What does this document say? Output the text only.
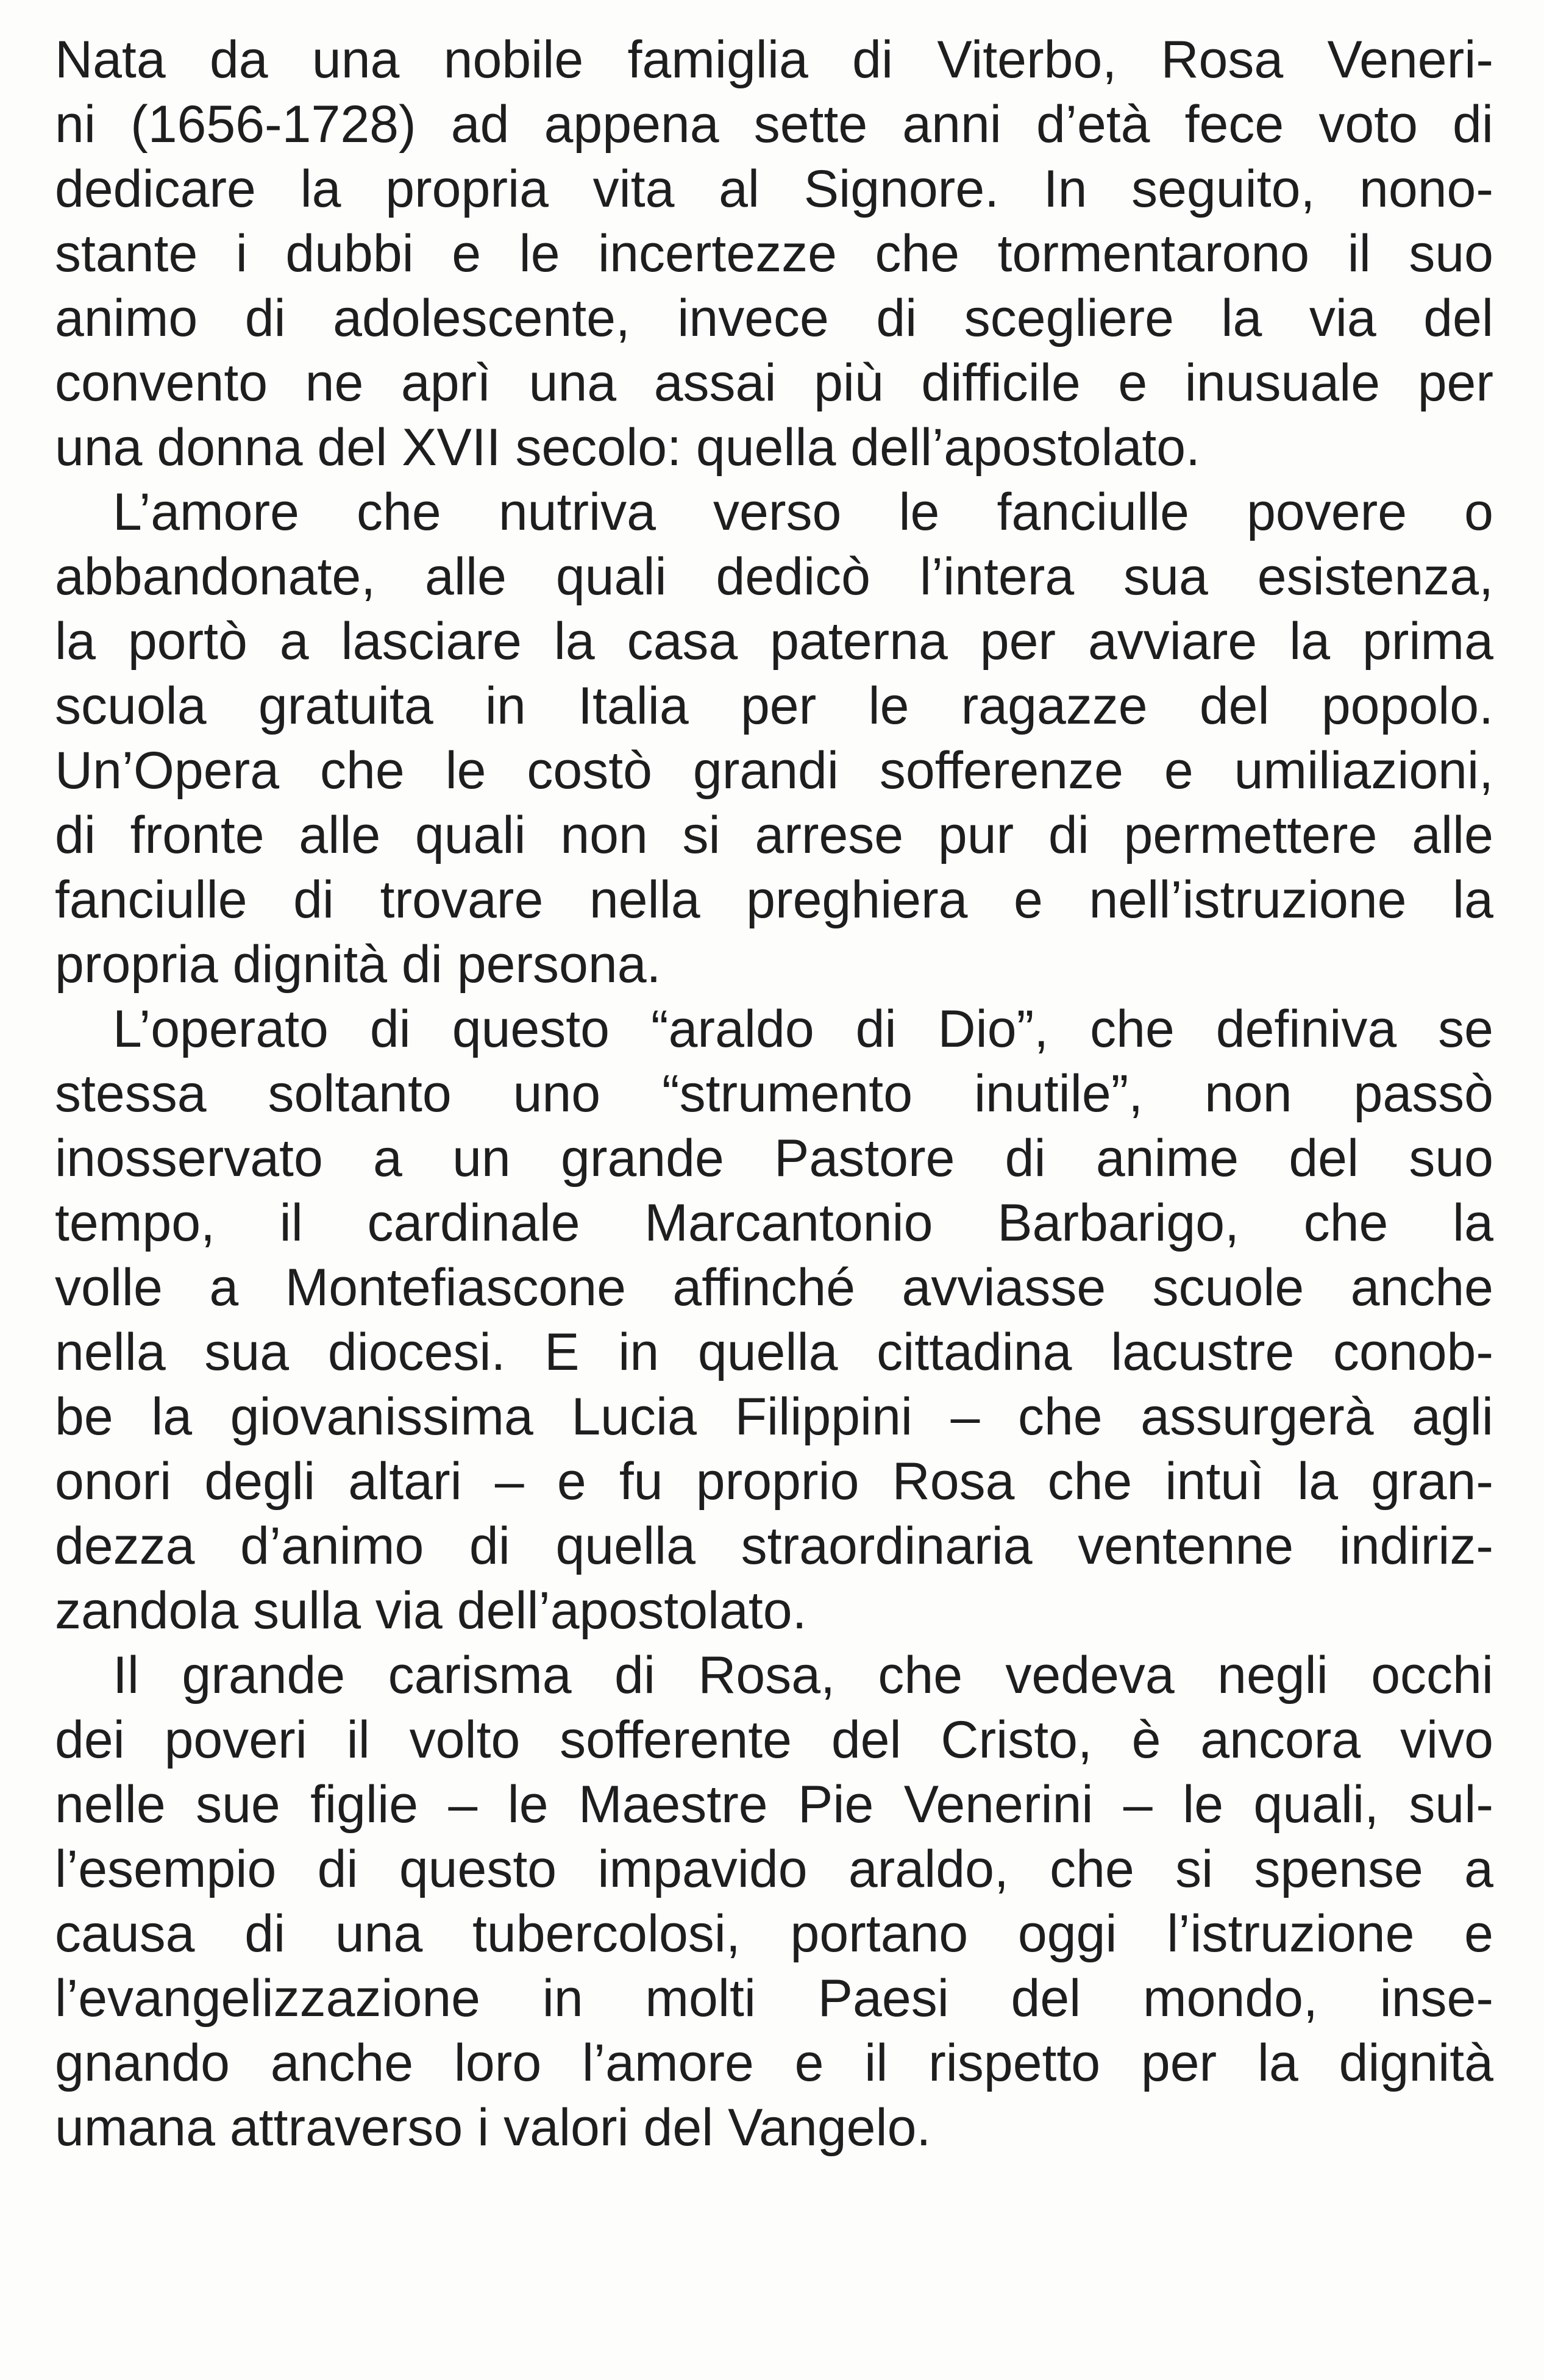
Nata da una nobile famiglia di Viterbo, Rosa Veneri-
ni (1656-1728) ad appena sette anni d’età fece voto di
dedicare la propria vita al Signore. In seguito, nono-
stante i dubbi e le incertezze che tormentarono il suo
animo di adolescente, invece di scegliere la via del
convento ne aprì una assai più difficile e inusuale per
una donna del XVII secolo: quella dell’apostolato.
L’amore che nutriva verso le fanciulle povere o
abbandonate, alle quali dedicò l’intera sua esistenza,
la portò a lasciare la casa paterna per avviare la prima
scuola gratuita in Italia per le ragazze del popolo.
Un’Opera che le costò grandi sofferenze e umiliazioni,
di fronte alle quali non si arrese pur di permettere alle
fanciulle di trovare nella preghiera e nell’istruzione la
propria dignità di persona.
L’operato di questo “araldo di Dio”, che definiva se
stessa soltanto uno “strumento inutile”, non passò
inosservato a un grande Pastore di anime del suo
tempo, il cardinale Marcantonio Barbarigo, che la
volle a Montefiascone affinché avviasse scuole anche
nella sua diocesi. E in quella cittadina lacustre conob-
be la giovanissima Lucia Filippini – che assurgerà agli
onori degli altari – e fu proprio Rosa che intuì la gran-
dezza d’animo di quella straordinaria ventenne indiriz-
zandola sulla via dell’apostolato.
Il grande carisma di Rosa, che vedeva negli occhi
dei poveri il volto sofferente del Cristo, è ancora vivo
nelle sue figlie – le Maestre Pie Venerini – le quali, sul-
l’esempio di questo impavido araldo, che si spense a
causa di una tubercolosi, portano oggi l’istruzione e
l’evangelizzazione in molti Paesi del mondo, inse-
gnando anche loro l’amore e il rispetto per la dignità
umana attraverso i valori del Vangelo.
